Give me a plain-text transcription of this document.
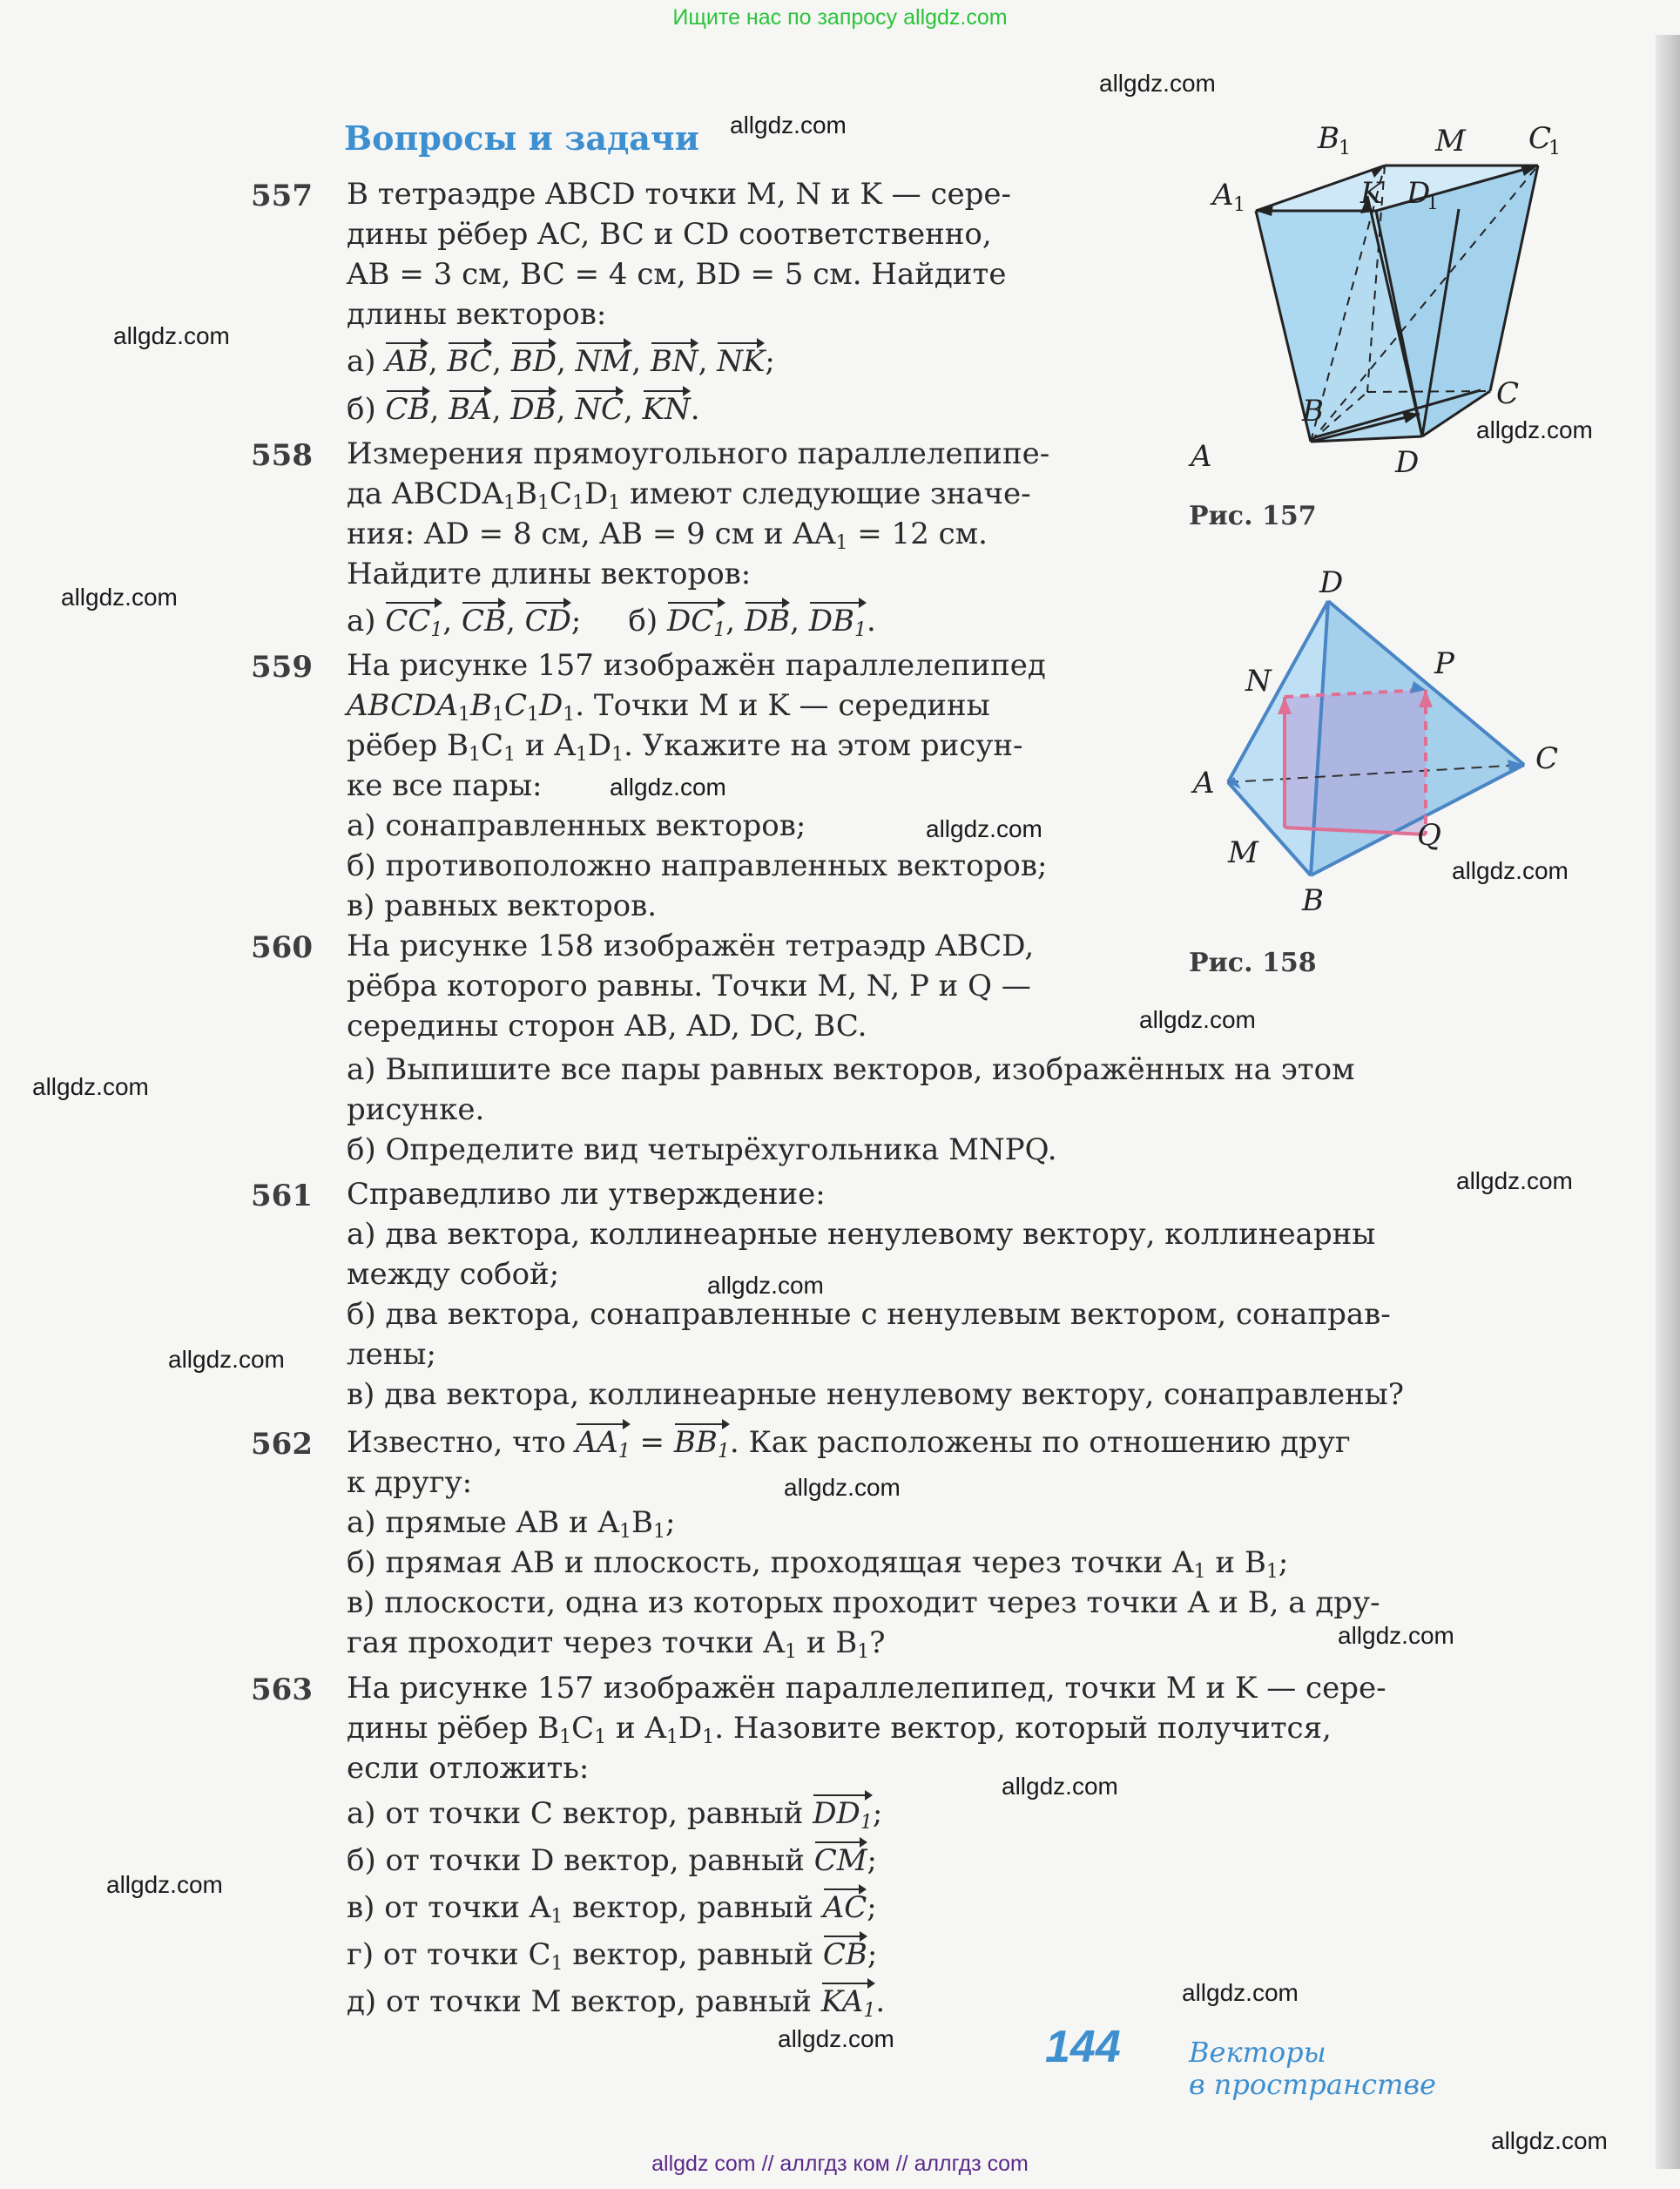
Ищите нас по запросу allgdz.com
allgdz.com
allgdz.com
allgdz.com
allgdz.com
allgdz.com
allgdz.com
allgdz.com
allgdz.com
allgdz.com
allgdz.com
allgdz.com
allgdz.com
allgdz.com
allgdz.com
allgdz.com
allgdz.com
allgdz.com
allgdz.com
allgdz.com
allgdz.com
Вопросы и задачи
557 В тетраэдре ABCD точки M, N и K — сере-
дины рёбер AC, BC и CD соответственно,
AB = 3 см, BC = 4 см, BD = 5 см. Найдите
длины векторов:
а) AB, BC, BD, NM, BN, NK;
б) CB, BA, DB, NC, KN.
558 Измерения прямоугольного параллелепипе-
да $ABCDA_1B_1C_1D_1$ имеют следующие значе-
ния: AD = 8 см, AB = 9 см и $AA_1 = 12$ см.
Найдите длины векторов:
а) $CC_1$, CB, CD;     б) $DC_1$, DB, $DB_1$.
559 На рисунке 157 изображён параллелепипед
$ABCDA_1B_1C_1D_1$. Точки M и K — середины
рёбер $B_1C_1$ и $A_1D_1$. Укажите на этом рисун-
ке все пары:
а) сонаправленных векторов;
б) противоположно направленных векторов;
в) равных векторов.
560 На рисунке 158 изображён тетраэдр ABCD,
рёбра которого равны. Точки M, N, P и Q —
середины сторон AB, AD, DC, BC.
а) Выпишите все пары равных векторов, изображённых на этом
рисунке.
б) Определите вид четырёхугольника MNPQ.
561 Справедливо ли утверждение:
а) два вектора, коллинеарные ненулевому вектору, коллинеарны
между собой;
б) два вектора, сонаправленные с ненулевым вектором, сонаправ-
лены;
в) два вектора, коллинеарные ненулевому вектору, сонаправлены?
562 Известно, что $AA_1 = BB_1$. Как расположены по отношению друг
к другу:
а) прямые AB и $A_1B_1$;
б) прямая AB и плоскость, проходящая через точки $A_1$ и $B_1$;
в) плоскости, одна из которых проходит через точки A и B, а дру-
гая проходит через точки $A_1$ и $B_1$?
563 На рисунке 157 изображён параллелепипед, точки M и K — сере-
дины рёбер $B_1C_1$ и $A_1D_1$. Назовите вектор, который получится,
если отложить:
а) от точки C вектор, равный $DD_1$;
б) от точки D вектор, равный CM;
в) от точки $A_1$ вектор, равный AC;
г) от точки $C_1$ вектор, равный CB;
д) от точки M вектор, равный $KA_1$.
A
B	C
D
A 1
B 1	C
1
D
1
M
K
Рис. 157
D
A
B
C
N	P
M	Q
Рис. 158
144 Векторы
в пространстве
allgdz com // аллгдз ком // аллгдз com
